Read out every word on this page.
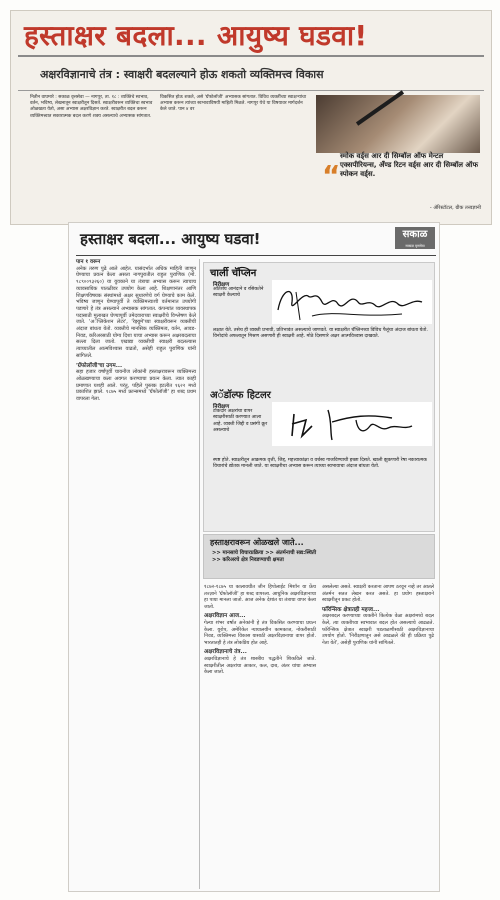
हस्ताक्षर बदला... आयुष्य घडवा!
अक्षरविज्ञानाचे तंत्र : स्वाक्षरी बदलल्याने होऊ शकतो व्यक्तिमत्त्व विकास
नितीन वाघमारे : सकाळ वृत्तसेवा — नागपूर, ता. १८ : व्यक्तिचे स्वभाव, वर्तन, भविष्य, लेखनातून स्वाक्षरीतून दिसते. स्वाक्षरीवरून व्यक्तिचा स्वभाव ओळखता येतो, असा अभ्यास अक्षरविज्ञान करते. स्वाक्षरीत बदल करून व्यक्तिमत्त्वात सकारात्मक बदल करणे शक्य असल्याचे अभ्यासक सांगतात.
विकसित होऊ शकते, असे 'ग्रॅफोलॉजी' अभ्यासक सांगतात. विविध व्यक्तींच्या स्वाक्षऱ्यांचा अभ्यास करून त्यांच्या स्वभावाविषयी माहिती मिळते. नागपूर येथे या विषयावर मार्गदर्शन केले जाते. पान ४ वर
“
स्मोक वर्ड्स आर दी सिम्बॉल ऑफ मेन्टल एक्सपीरियन्स, अँण्ड रिटन वर्ड्स आर दी सिम्बॉल ऑफ स्पोकन वर्ड्स.
- ॲरिस्टॉटल, ग्रीक तत्त्वज्ञानी
हस्ताक्षर बदला... आयुष्य घडवा!	सकाळ
सकाळ वृत्तसेवा

पान १ वरून

अनेक तरुण पुढे आले आहेत. यासंदर्भात अधिक माहिती जाणून घेण्याचा प्रयत्न केला असता नागपुरातील राहुल पुराणिक (मो. ९८९००९३२६०) या युवकाने या तंत्राचा अभ्यास करून त्याचाच व्यावसायिक पातळीवर उपयोग केला आहे. शिक्षणानंतर आणि शिक्षणविषयक संस्थांमध्ये अक्षर सुधारणेचे वर्ग घेण्याचे काम केले. भविष्य जाणून घेण्यापूर्वी ते व्यक्तिमत्त्वाशी वर्तमानात उपयोगी पडणारे हे तंत्र असल्याने अभ्यासक सांगतात. कंपन्यांत व्यवस्थापक पदासाठी मुलाखत घेण्यापूर्वी उमेदवाराच्या स्वाक्षरीचे विश्लेषण केले जाते. 'अॅप्लिकेशन लेटर', 'रेझ्युमे'च्या स्वाक्षरीवरून व्यक्तीची अंदाज बांधता येतो. व्यक्तीचे मानसिक व्यक्तिमत्व, वर्तन, आवड-निवड, करिअरसाठी योग्य दिशा याचा अभ्यास करून अक्षरबदलाचा सल्ला दिला जातो. एखाद्या व्यक्तीची स्वाक्षरी बदलल्यास त्याच्यातील आत्मविश्वास वाढतो, असेही राहुल पुराणिक यांनी सांगितले.

'ग्रॅफोलॉजी'चा उगम...

सहा हजार वर्षांपूर्वी चायनीज लोकांनी हस्ताक्षरावरून व्यक्तिमत्त्व ओळखण्याचा कला अवगत करण्याचा प्रयत्न केला. त्यात काही प्रमाणात यशही आले. परंतु, पहिले पुस्तक इटलीत १६२२ मध्ये प्रकाशित झाले. १८७५ मध्ये फ्रान्समध्ये 'ग्रॅफोलॉजी' हा शब्द प्रथम वापरला गेला.

चार्ली चॅप्लिन
निरीक्षण
अतिशय आनंदाने व रसिकतेने स्वाक्षरी केल्याचे
लक्षात येते. तसेच ही व्यक्ती प्रभावी, प्रतिभावंत असल्याचे जाणवते. या स्वाक्षरीत चॅप्लिनच्या विविध पैलूंचा अंदाज बांधता येतो. विनोदांचे अफलातून मिश्रण असणारी ही स्वाक्षरी आहे. मोठे दिसणारे अक्षर आत्मविश्वास दाखवते.
अॅडॉल्फ हिटलर
निरीक्षण
टोकदार अक्षरांचा वापर स्वाक्षरीसाठी करण्यात आला आहे. व्यक्ती जिद्दी व प्रसंगी क्रूर असल्याचे
स्पष्ट होते. स्वाक्षरीतून आक्रमक वृत्ती, जिद्द, महत्त्वाकांक्षा व वर्चस्व गाजविण्याची इच्छा दिसते. खाली झुकणारी रेषा नकारात्मक विचारांचे द्योतक मानली जाते. या स्वाक्षरीचा अभ्यास करून त्याच्या स्वभावाचा अंदाज बांधता येतो.
हस्ताक्षरावरून ओळखले जाते...
>> मानसाचे विचारप्रक्रिया >> अंतर्मनाची सद्य:स्थिती
>> करिअरचे क्षेत्र निवडण्याची क्षमता

१८७२-१८७५ या कालावधीत जीन हिपोलाईट मिशॉन या फ्रेंच तज्ज्ञाने 'ग्रॅफोलॉजी' हा शब्द वापरला. आधुनिक अक्षरविज्ञानाचा हा पाया मानला जातो. आज अनेक देशांत या तंत्राचा वापर केला जातो.

अक्षरविज्ञान आज...

गेल्या शंभर वर्षांत अनेकांनी हे तंत्र विकसित करण्याचा प्रयत्न केला. युरोप, अमेरिकेत न्यायालयीन कामकाज, नोकरीसाठी निवड, व्यक्तिमत्त्व विकास यासाठी अक्षरविज्ञानाचा वापर होतो. भारतातही हे तंत्र लोकप्रिय होत आहे.

अक्षरविज्ञानाचे तंत्र...

अक्षरविज्ञानाचे हे तंत्र शास्त्रीय पद्धतीने शिकविले जाते. स्वाक्षरीतील अक्षरांचा आकार, कल, दाब, अंतर यांचा अभ्यास केला जातो.

असलेल्या असते. स्वाक्षरी करताना आपण ठरवून नव्हे तर आतले अंतर्मन सतत लेखन करत असते. हा प्रयोग हस्ताक्षराने स्वाक्षरीतून प्रकट होतो.

फॉरेन्सिक क्षेत्रातही महत्त्व...

अक्षरबदल करण्याच्या व्यक्तीने कित्येक वेळा अक्षरांमध्ये बदल केले, त्या व्यक्तीच्या स्वभावात बदल होत असल्याचे आढळते. फॉरेन्सिक क्षेत्रात स्वाक्षरी पडताळणीसाठी अक्षरविज्ञानाचा उपयोग होतो. 'निरीक्षणातून असे आढळले की ही प्रक्रिया पुढे नेता येते', असेही पुराणिक यांनी सांगितले.
